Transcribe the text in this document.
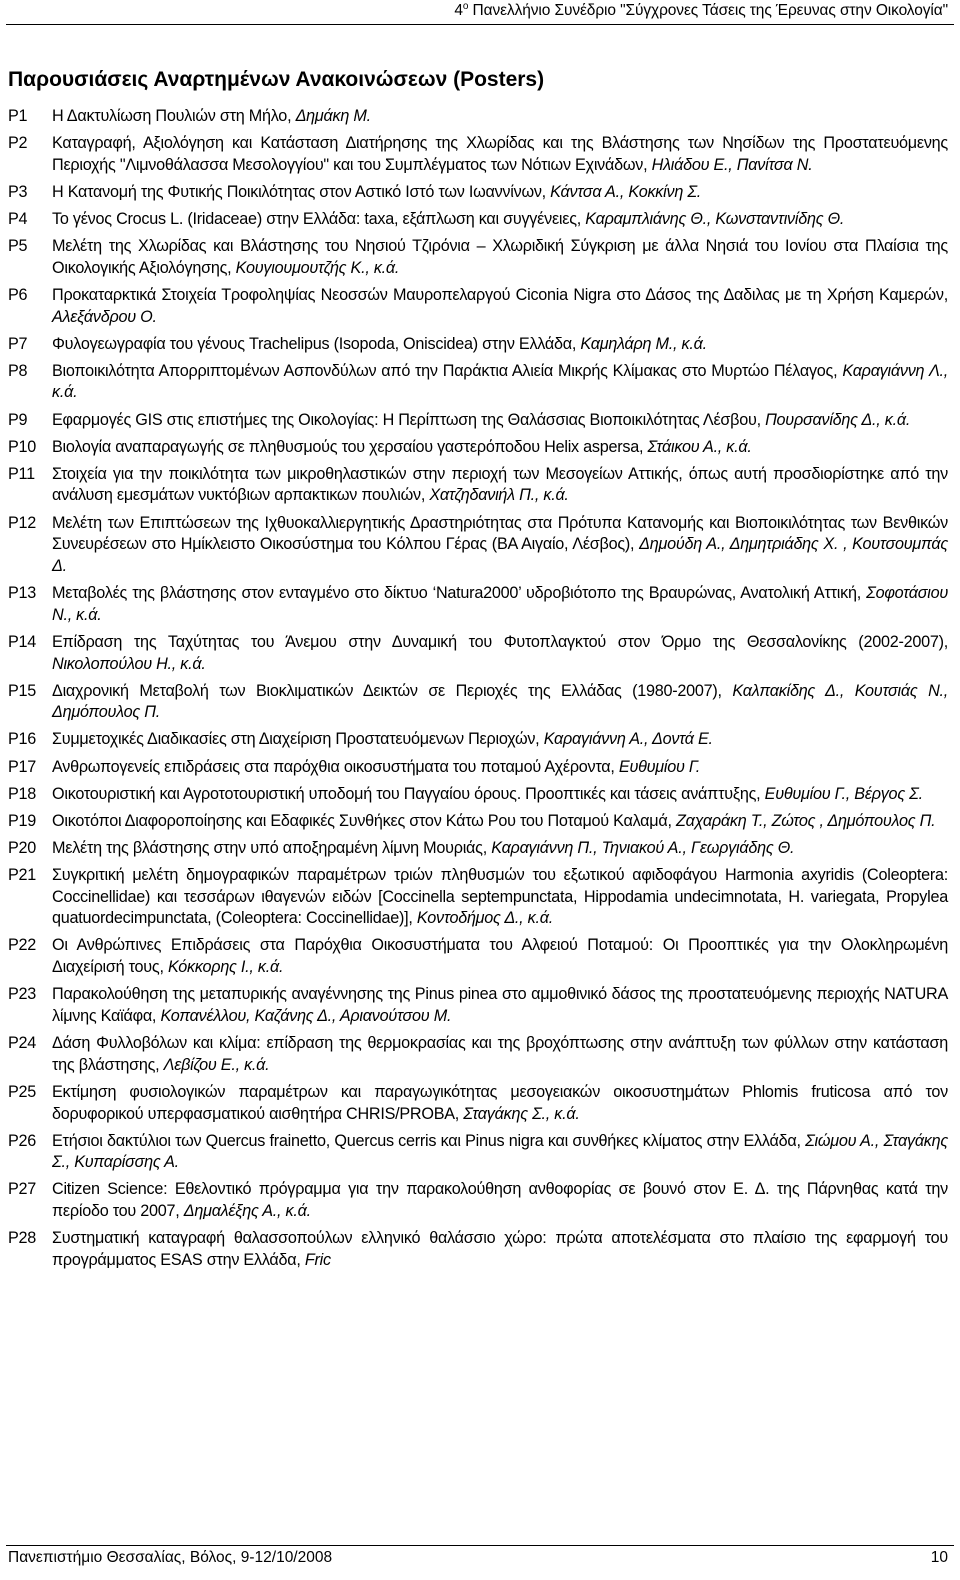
$4^o$ Πανελλήνιο Συνέδριο "Σύγχρονες Τάσεις της Έρευνας στην Οικολογία"
Παρουσιάσεις Αναρτημένων Ανακοινώσεων (Posters)
P1	Η Δακτυλίωση Πουλιών στη Μήλο, Δημάκη Μ.
P2	Καταγραφή, Αξιολόγηση και Κατάσταση Διατήρησης της Χλωρίδας και της Βλάστησης των Νησίδων της Προστατευόμενης Περιοχής "Λιμνοθάλασσα Μεσολογγίου" και του Συμπλέγματος των Νότιων Εχινάδων, Ηλιάδου Ε., Πανίτσα Ν.
P3	Η Κατανομή της Φυτικής Ποικιλότητας στον Αστικό Ιστό των Ιωαννίνων, Κάντσα Α., Κοκκίνη Σ.
P4	Το γένος Crocus L. (Iridaceae) στην Ελλάδα: taxa, εξάπλωση και συγγένειες, Καραμπλιάνης Θ., Κωνσταντινίδης Θ.
P5	Μελέτη της Χλωρίδας και Βλάστησης του Νησιού Τζιρόνια – Χλωριδική Σύγκριση με άλλα Νησιά του Ιονίου στα Πλαίσια της Οικολογικής Αξιολόγησης, Κουγιουμουτζής Κ., κ.ά.
P6	Προκαταρκτικά Στοιχεία Τροφοληψίας Νεοσσών Μαυροπελαργού Ciconia Nigra στο Δάσος της Δαδιλας με τη Χρήση Καμερών, Αλεξάνδρου Ο.
P7	Φυλογεωγραφία του γένους Trachelipus (Isopoda, Oniscidea) στην Ελλάδα, Καμηλάρη Μ., κ.ά.
P8	Βιοποικιλότητα Απορριπτομένων Ασπονδύλων από την Παράκτια Αλιεία Μικρής Κλίμακας στο Μυρτώο Πέλαγος, Καραγιάννη Λ., κ.ά.
P9	Εφαρμογές GIS στις επιστήμες της Οικολογίας: Η Περίπτωση της Θαλάσσιας Βιοποικιλότητας Λέσβου, Πουρσανίδης Δ., κ.ά.
P10 Βιολογία αναπαραγωγής σε πληθυσμούς του χερσαίου γαστερόποδου Helix aspersa, Στάικου Α., κ.ά.
P11	Στοιχεία για την ποικιλότητα των μικροθηλαστικών στην περιοχή των Μεσογείων Αττικής, όπως αυτή προσδιορίστηκε από την ανάλυση εμεσμάτων νυκτόβιων αρπακτικων πουλιών, Χατζηδανιήλ Π., κ.ά.
P12 Μελέτη των Επιπτώσεων της Ιχθυοκαλλιεργητικής Δραστηριότητας στα Πρότυπα Κατανομής και Βιοποικιλότητας των Βενθικών Συνευρέσεων στο Ημίκλειστο Οικοσύστημα του Κόλπου Γέρας (ΒΑ Αιγαίο, Λέσβος), Δημούδη Α., Δημητριάδης Χ. , Κουτσουμπάς Δ.
P13 Μεταβολές της βλάστησης στον ενταγμένο στο δίκτυο ‘Natura2000’ υδροβιότοπο της Βραυρώνας, Ανατολική Αττική, Σοφοτάσιου Ν., κ.ά.
P14 Επίδραση της Ταχύτητας του Άνεμου στην Δυναμική του Φυτοπλαγκτού στον Όρμο της Θεσσαλονίκης (2002-2007), Νικολοπούλου Η., κ.ά.
P15 Διαχρονική Μεταβολή των Βιοκλιματικών Δεικτών σε Περιοχές της Ελλάδας (1980-2007), Καλπακίδης Δ., Κουτσιάς Ν., Δημόπουλος Π.
P16 Συμμετοχικές Διαδικασίες στη Διαχείριση Προστατευόμενων Περιοχών, Καραγιάννη Α., Δοντά Ε.
P17 Ανθρωπογενείς επιδράσεις στα παρόχθια οικοσυστήματα του ποταμού Αχέροντα, Ευθυμίου Γ.
P18 Οικοτουριστική και Αγροτοτουριστική υποδομή του Παγγαίου όρους. Προοπτικές και τάσεις ανάπτυξης, Ευθυμίου Γ., Βέργος Σ.
P19 Οικοτόποι Διαφοροποίησης και Εδαφικές Συνθήκες στον Κάτω Ρου του Ποταμού Καλαμά, Ζαχαράκη Τ., Ζώτος , Δημόπουλος Π.
P20 Μελέτη της βλάστησης στην υπό αποξηραμένη λίμνη Μουριάς, Καραγιάννη Π., Τηνιακού Α., Γεωργιάδης Θ.
P21 Συγκριτική μελέτη δημογραφικών παραμέτρων τριών πληθυσμών του εξωτικού αφιδοφάγου Harmonia axyridis (Coleoptera: Coccinellidae) και τεσσάρων ιθαγενών ειδών [Coccinella septempunctata, Hippodamia undecimnotata, H. variegata, Propylea quatuordecimpunctata, (Coleoptera: Coccinellidae)], Κοντοδήμος Δ., κ.ά.
P22 Οι Ανθρώπινες Επιδράσεις στα Παρόχθια Οικοσυστήματα του Αλφειού Ποταμού: Οι Προοπτικές για την Ολοκληρωμένη Διαχείρισή τους, Κόκκορης Ι., κ.ά.
P23 Παρακολούθηση της μεταπυρικής αναγέννησης της Pinus pinea στο αμμοθινικό δάσος της προστατευόμενης περιοχής NATURA λίμνης Καϊάφα, Κοπανέλλου, Καζάνης Δ., Αριανούτσου Μ.
P24 Δάση Φυλλοβόλων και κλίμα: επίδραση της θερμοκρασίας και της βροχόπτωσης στην ανάπτυξη των φύλλων στην κατάσταση της βλάστησης, Λεβίζου Ε., κ.ά.
P25 Εκτίμηση φυσιολογικών παραμέτρων και παραγωγικότητας μεσογειακών οικοσυστημάτων Phlomis fruticosa από τον δορυφορικού υπερφασματικού αισθητήρα CHRIS/PROBA, Σταγάκης Σ., κ.ά.
P26 Ετήσιοι δακτύλιοι των Quercus frainetto, Quercus cerris και Pinus nigra και συνθήκες κλίματος στην Ελλάδα, Σιώμου Α., Σταγάκης Σ., Κυπαρίσσης Α.
P27 Citizen Science: Εθελοντικό πρόγραμμα για την παρακολούθηση ανθοφορίας σε βουνό στον Ε. Δ. της Πάρνηθας κατά την περίοδο του 2007, Δημαλέξης Α., κ.ά.
P28 Συστηματική καταγραφή θαλασσοπούλων ελληνικό θαλάσσιο χώρο: πρώτα αποτελέσματα στο πλαίσιο της εφαρμογή του προγράμματος ESAS στην Ελλάδα, Fric
Πανεπιστήμιο Θεσσαλίας, Βόλος, 9-12/10/2008	10
